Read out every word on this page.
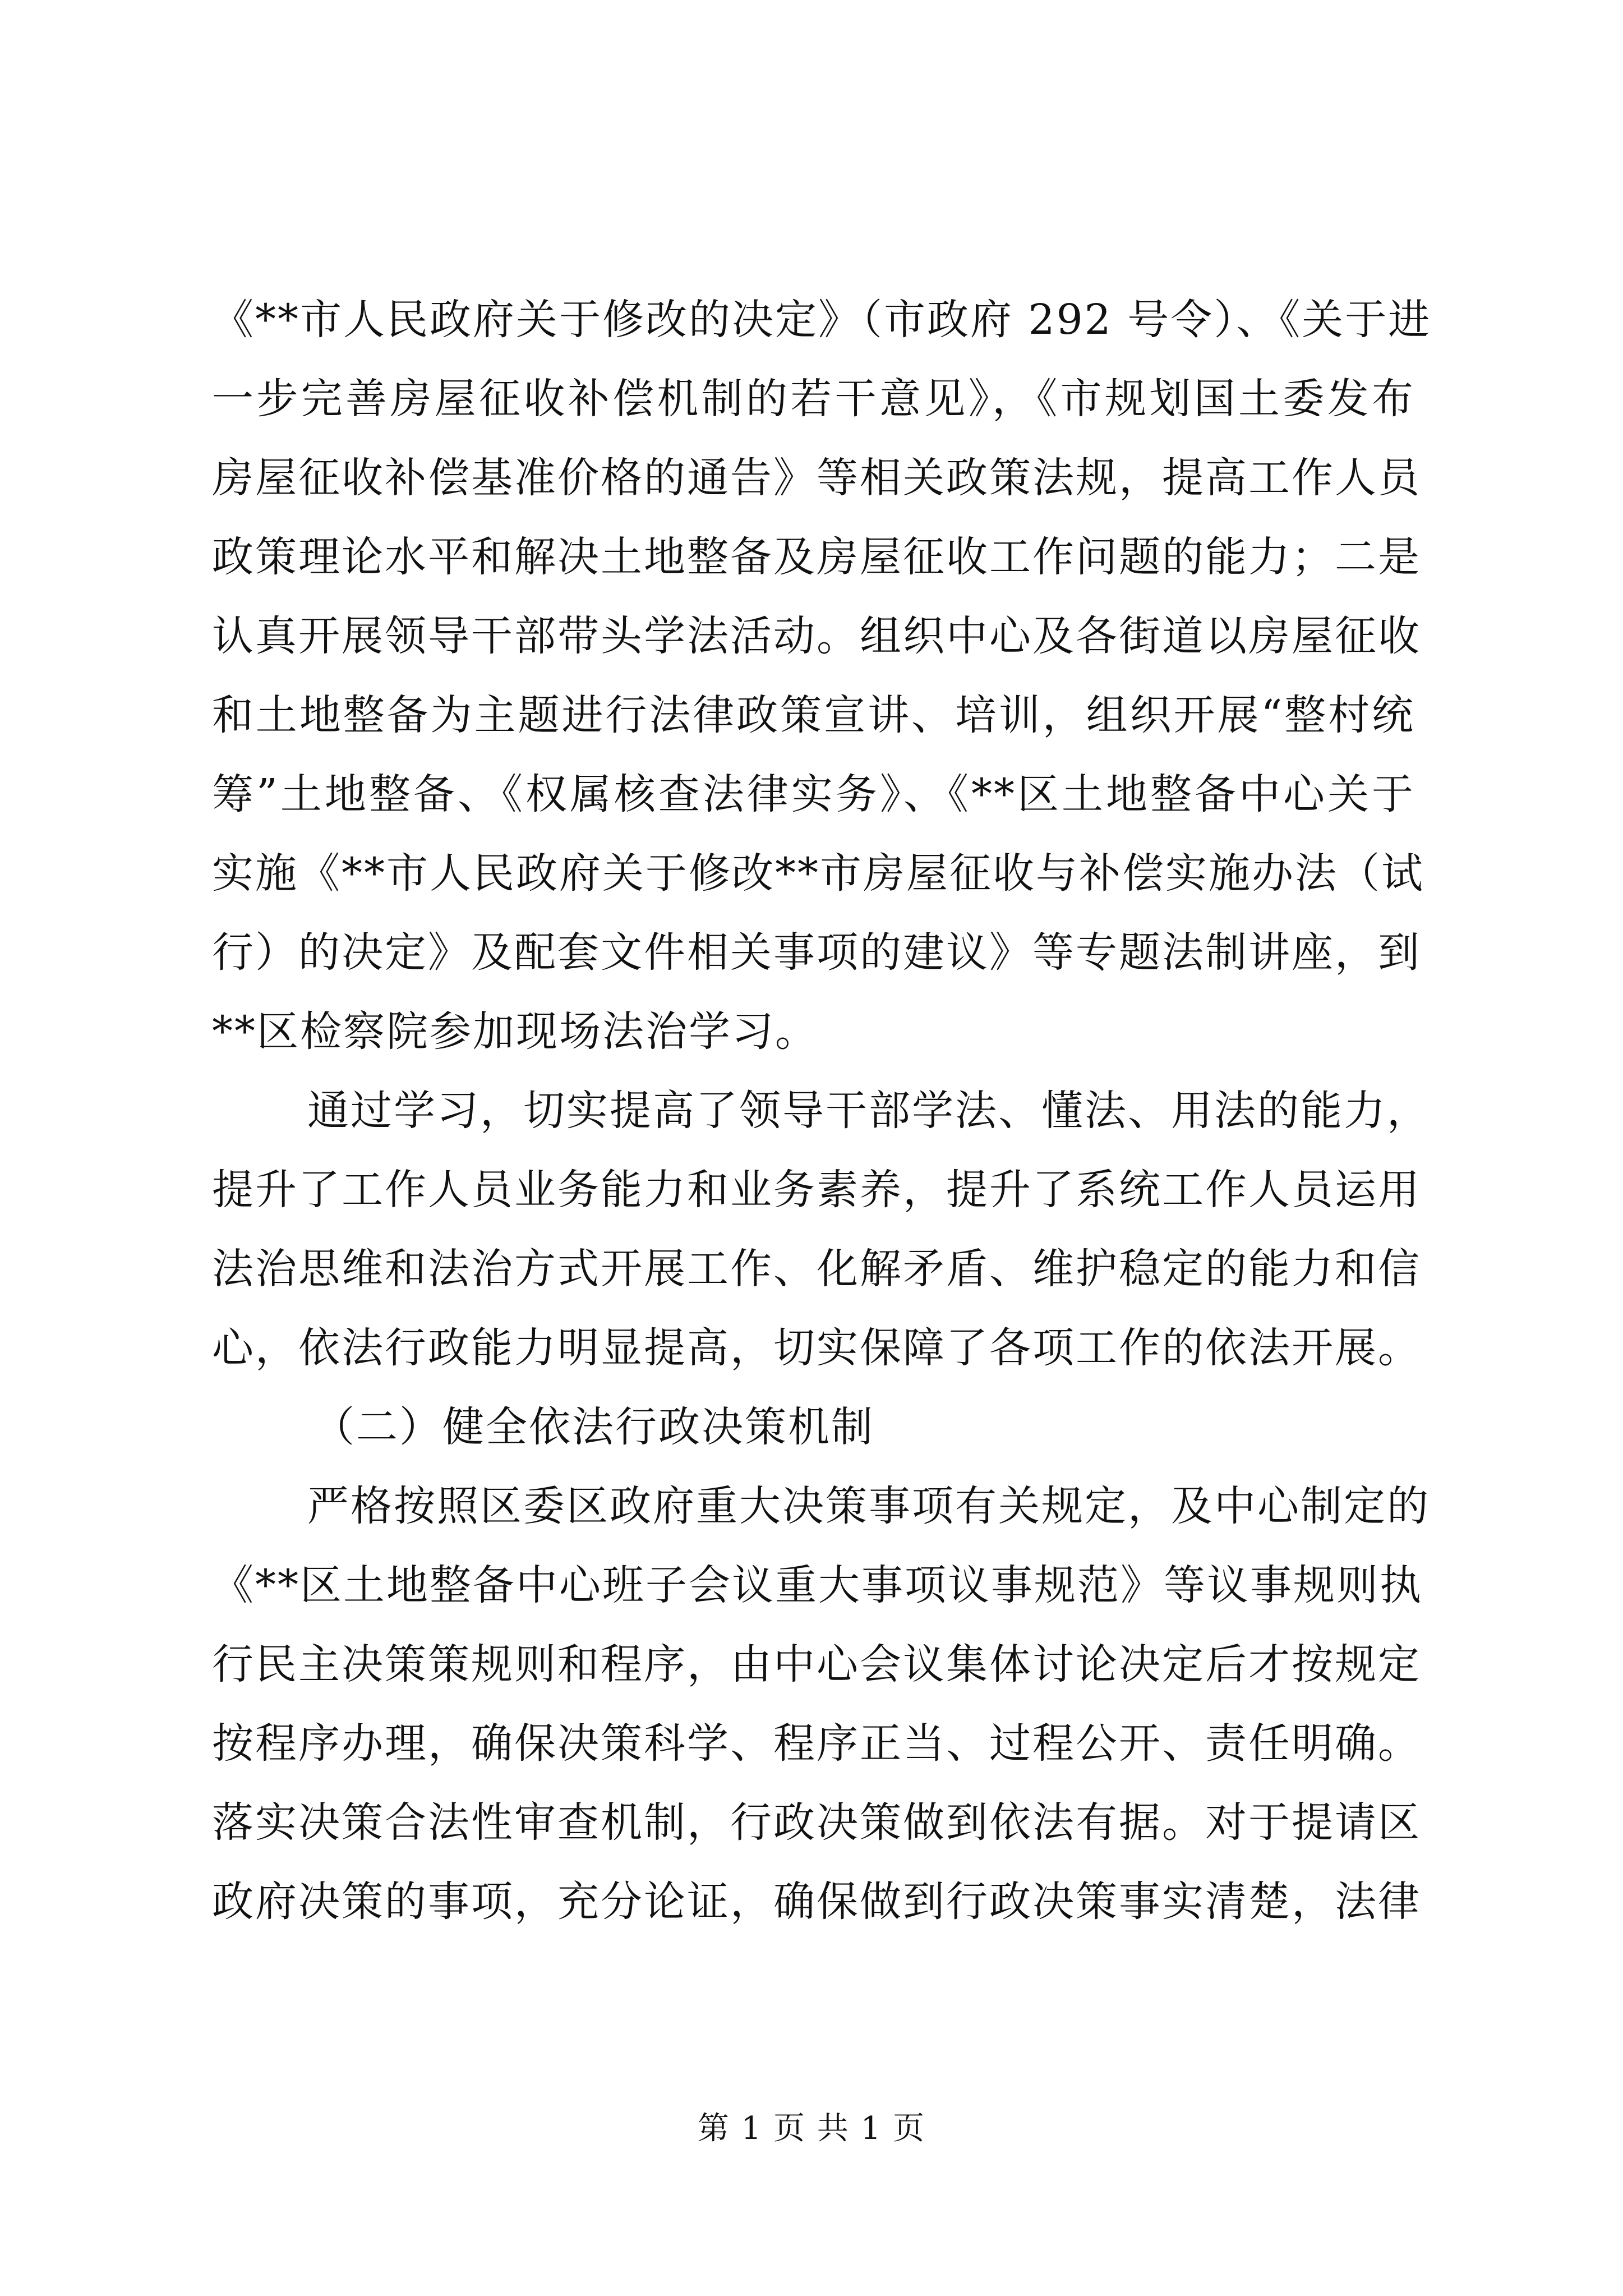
《**市人民政府关于修改的决定》（市政府 292 号令）、《关于进
一步完善房屋征收补偿机制的若干意见》，《市规划国土委发布
房屋征收补偿基准价格的通告》等相关政策法规，提高工作人员
政策理论水平和解决土地整备及房屋征收工作问题的能力；二是
认真开展领导干部带头学法活动。组织中心及各街道以房屋征收
和土地整备为主题进行法律政策宣讲、培训，组织开展“整村统
筹”土地整备、《权属核查法律实务》、《**区土地整备中心关于
实施《**市人民政府关于修改**市房屋征收与补偿实施办法（试
行）的决定》及配套文件相关事项的建议》等专题法制讲座，到
**区检察院参加现场法治学习。
通过学习，切实提高了领导干部学法、懂法、用法的能力，
提升了工作人员业务能力和业务素养，提升了系统工作人员运用
法治思维和法治方式开展工作、化解矛盾、维护稳定的能力和信
心，依法行政能力明显提高，切实保障了各项工作的依法开展。
（二）健全依法行政决策机制
严格按照区委区政府重大决策事项有关规定，及中心制定的
《**区土地整备中心班子会议重大事项议事规范》等议事规则执
行民主决策策规则和程序，由中心会议集体讨论决定后才按规定
按程序办理，确保决策科学、程序正当、过程公开、责任明确。
落实决策合法性审查机制，行政决策做到依法有据。对于提请区
政府决策的事项，充分论证，确保做到行政决策事实清楚，法律
第 1 页 共 1 页
